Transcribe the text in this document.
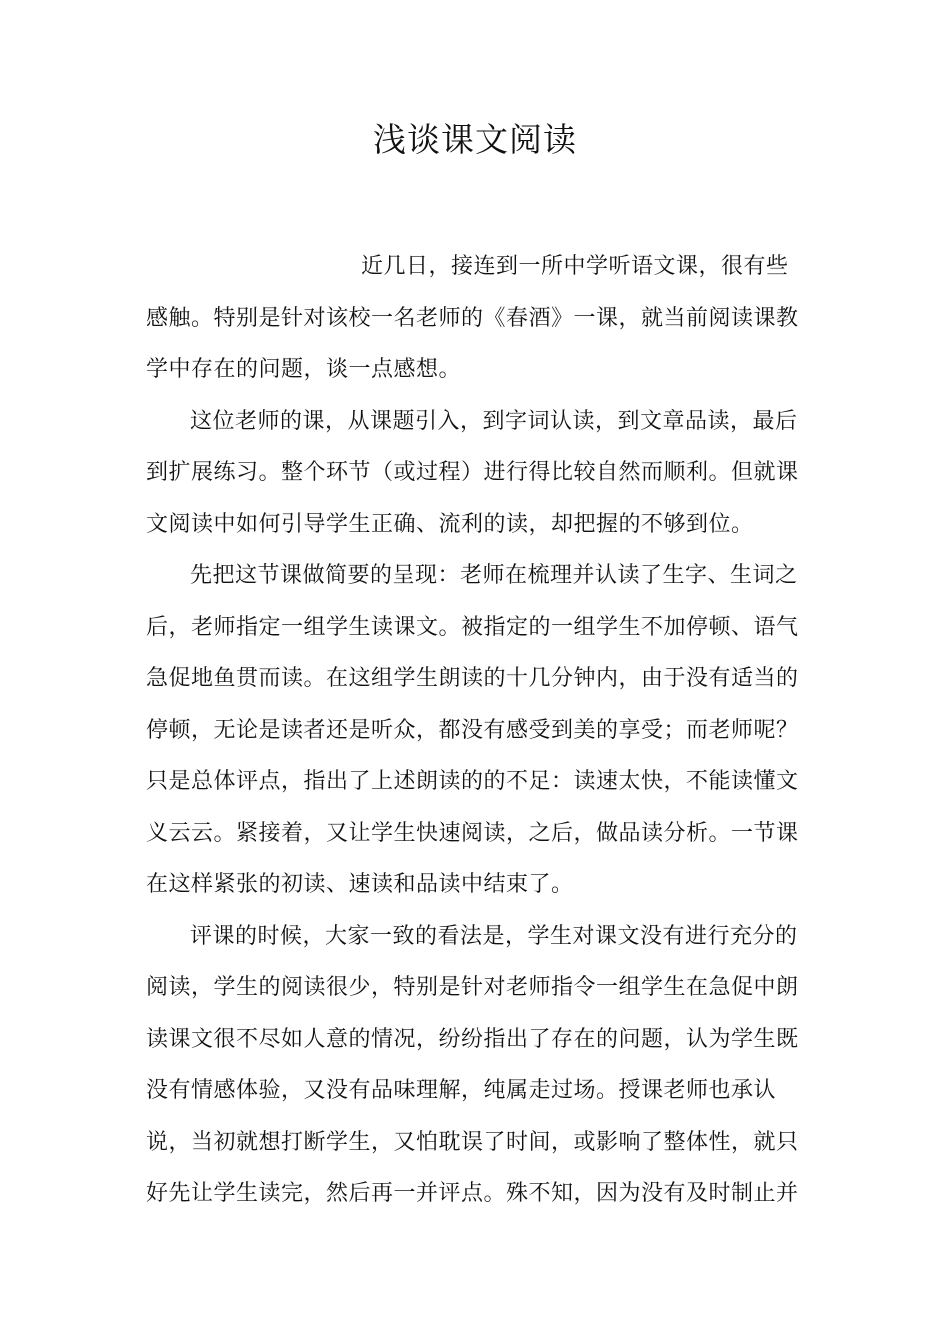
浅谈课文阅读
近几日，接连到一所中学听语文课，很有些
感触。特别是针对该校一名老师的《春酒》一课，就当前阅读课教
学中存在的问题，谈一点感想。
这位老师的课，从课题引入，到字词认读，到文章品读，最后
到扩展练习。整个环节（或过程）进行得比较自然而顺利。但就课
文阅读中如何引导学生正确、流利的读，却把握的不够到位。
先把这节课做简要的呈现：老师在梳理并认读了生字、生词之
后，老师指定一组学生读课文。被指定的一组学生不加停顿、语气
急促地鱼贯而读。在这组学生朗读的十几分钟内，由于没有适当的
停顿，无论是读者还是听众，都没有感受到美的享受；而老师呢？
只是总体评点，指出了上述朗读的的不足：读速太快，不能读懂文
义云云。紧接着，又让学生快速阅读，之后，做品读分析。一节课
在这样紧张的初读、速读和品读中结束了。
评课的时候，大家一致的看法是，学生对课文没有进行充分的
阅读，学生的阅读很少，特别是针对老师指令一组学生在急促中朗
读课文很不尽如人意的情况，纷纷指出了存在的问题，认为学生既
没有情感体验，又没有品味理解，纯属走过场。授课老师也承认
说，当初就想打断学生，又怕耽误了时间，或影响了整体性，就只
好先让学生读完，然后再一并评点。殊不知，因为没有及时制止并
